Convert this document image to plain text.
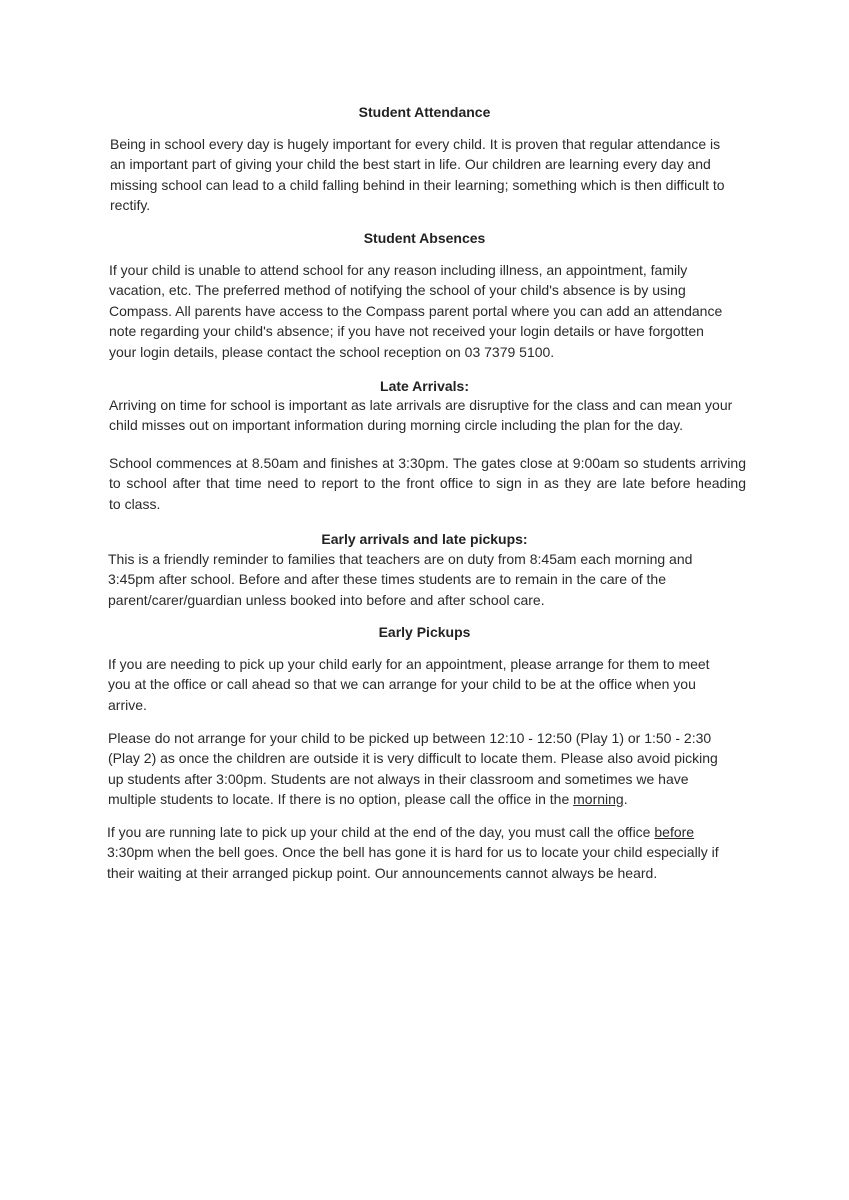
Student Attendance
Being in school every day is hugely important for every child. It is proven that regular attendance is
an important part of giving your child the best start in life. Our children are learning every day and
missing school can lead to a child falling behind in their learning; something which is then difficult to
rectify.
Student Absences
If your child is unable to attend school for any reason including illness, an appointment, family
vacation, etc. The preferred method of notifying the school of your child's absence is by using
Compass. All parents have access to the Compass parent portal where you can add an attendance
note regarding your child's absence; if you have not received your login details or have forgotten
your login details, please contact the school reception on 03 7379 5100.
Late Arrivals:
Arriving on time for school is important as late arrivals are disruptive for the class and can mean your
child misses out on important information during morning circle including the plan for the day.
School commences at 8.50am and finishes at 3:30pm. The gates close at 9:00am so students arriving
to school after that time need to report to the front office to sign in as they are late before heading
to class.
Early arrivals and late pickups:
This is a friendly reminder to families that teachers are on duty from 8:45am each morning and
3:45pm after school. Before and after these times students are to remain in the care of the
parent/carer/guardian unless booked into before and after school care.
Early Pickups
If you are needing to pick up your child early for an appointment, please arrange for them to meet
you at the office or call ahead so that we can arrange for your child to be at the office when you
arrive.
Please do not arrange for your child to be picked up between 12:10 - 12:50 (Play 1) or 1:50 - 2:30
(Play 2) as once the children are outside it is very difficult to locate them. Please also avoid picking
up students after 3:00pm. Students are not always in their classroom and sometimes we have
multiple students to locate. If there is no option, please call the office in the morning.
If you are running late to pick up your child at the end of the day, you must call the office before
3:30pm when the bell goes. Once the bell has gone it is hard for us to locate your child especially if
their waiting at their arranged pickup point. Our announcements cannot always be heard.
